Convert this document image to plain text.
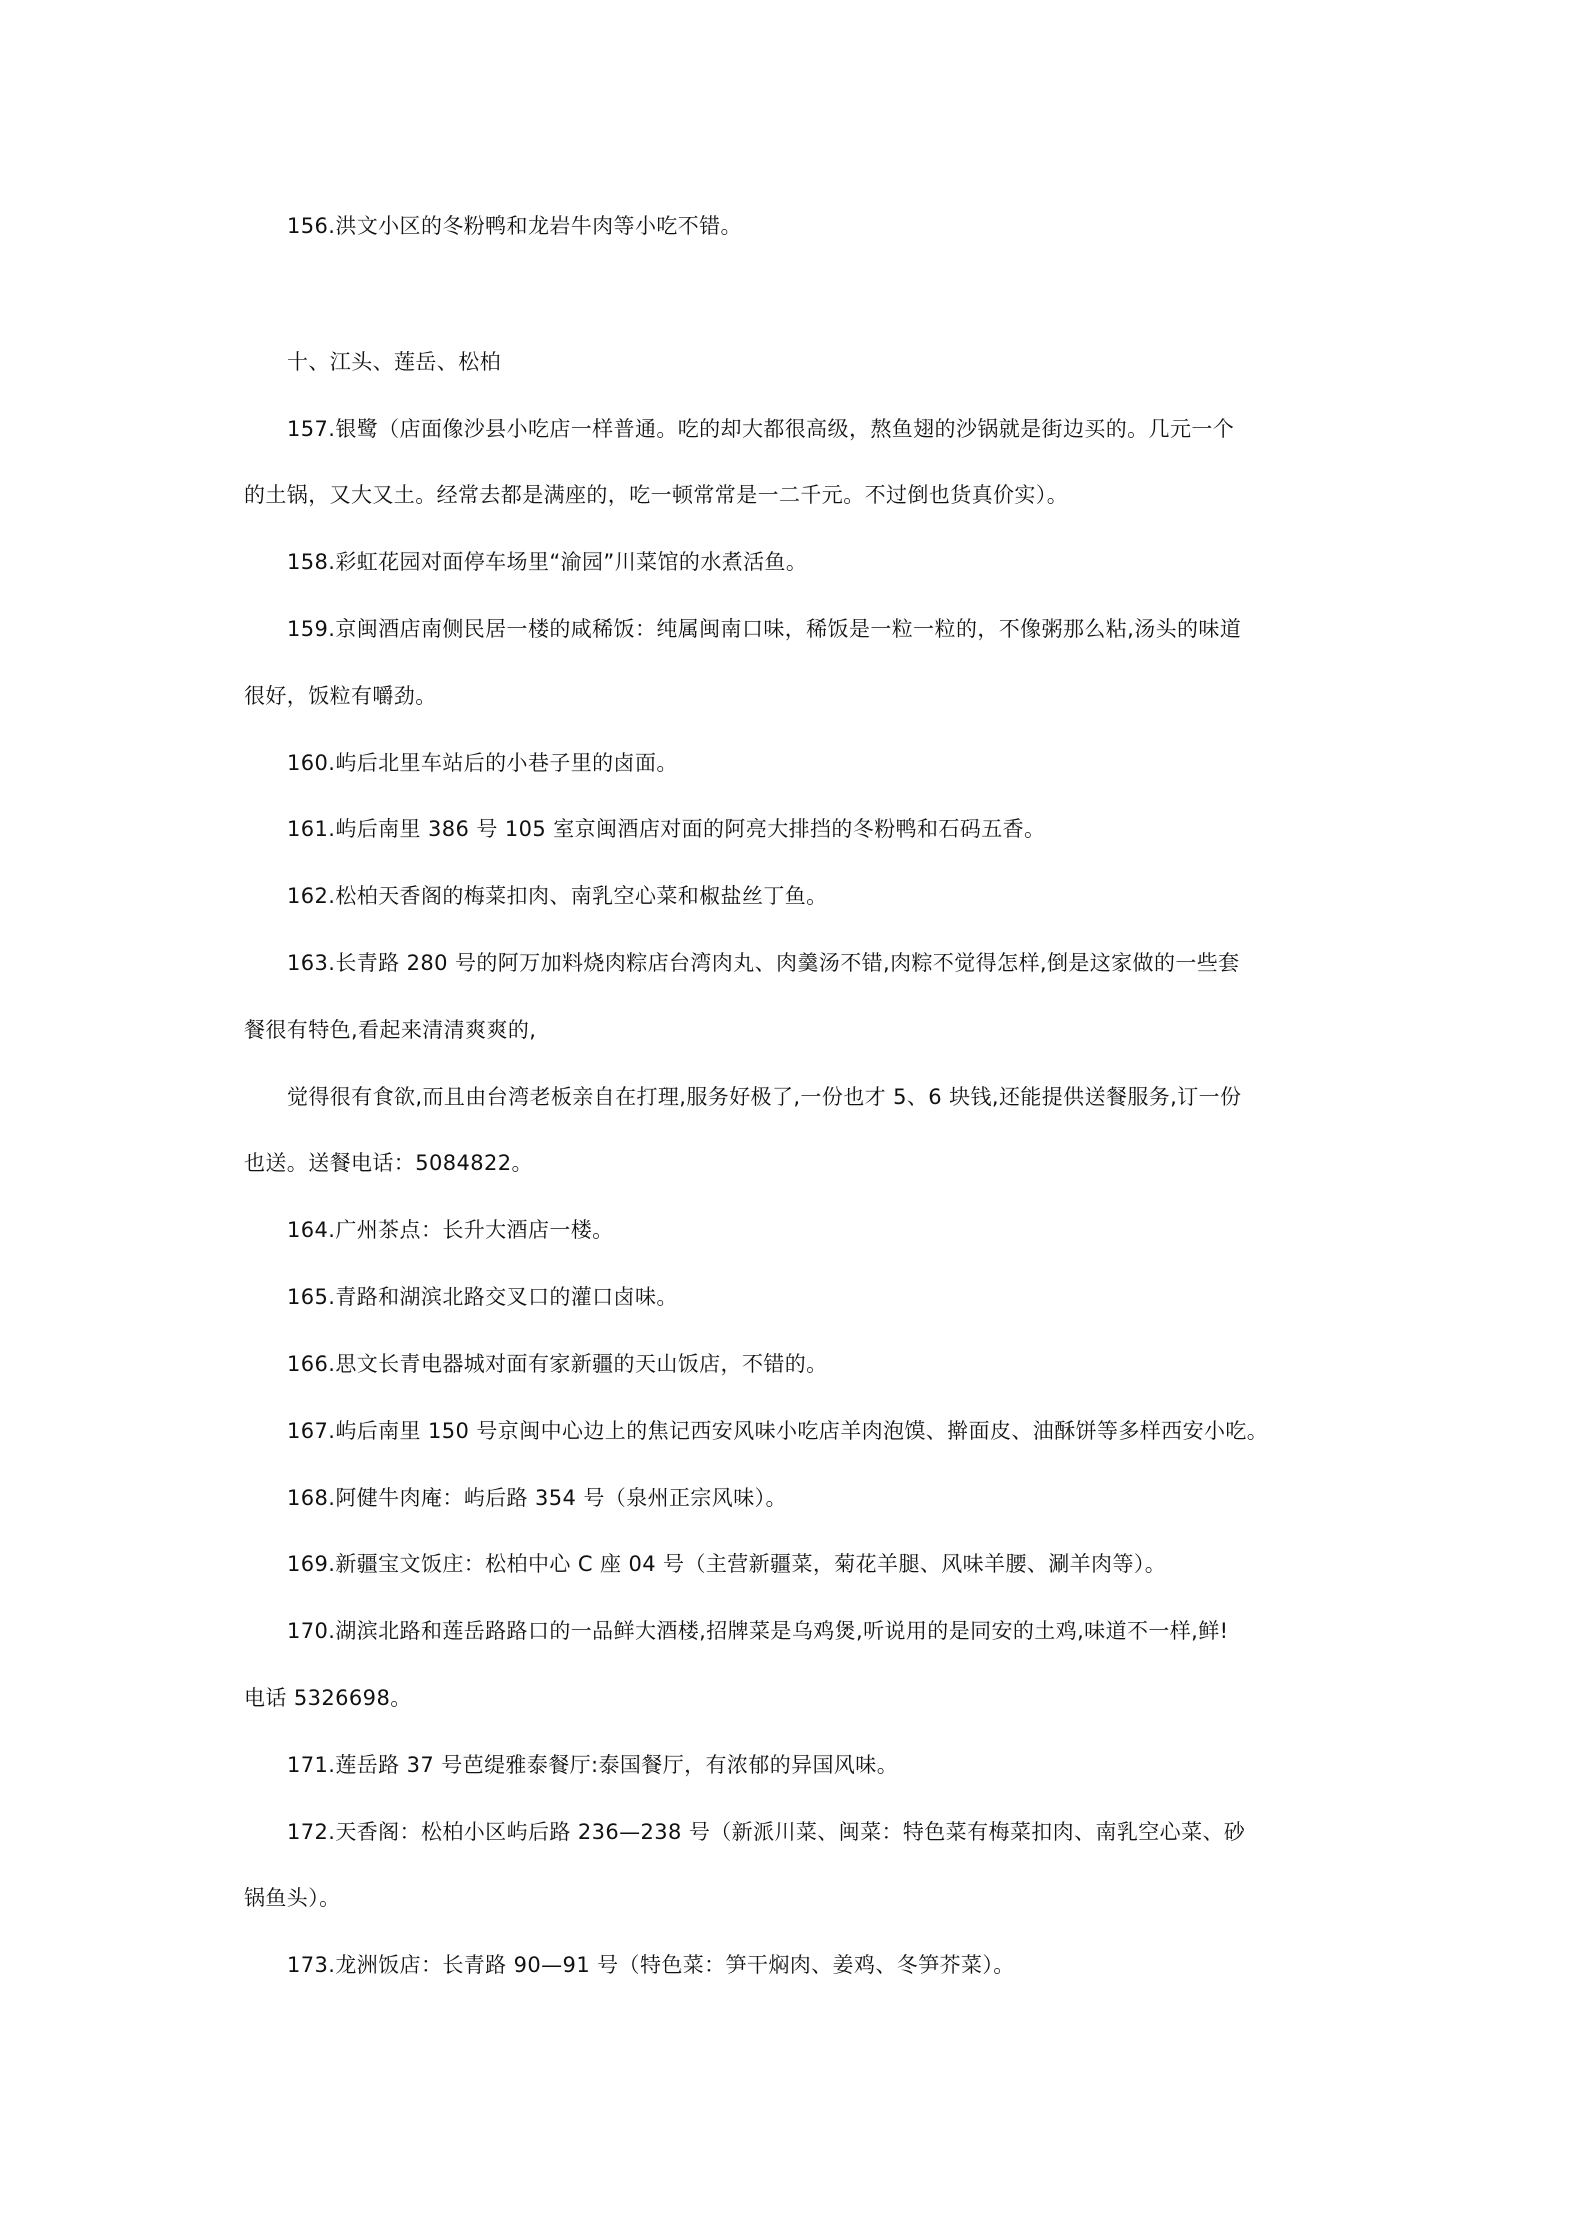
156.洪文小区的冬粉鸭和龙岩牛肉等小吃不错。
十、江头、莲岳、松柏
157.银鹭（店面像沙县小吃店一样普通。吃的却大都很高级，熬鱼翅的沙锅就是街边买的。几元一个
的土锅，又大又土。经常去都是满座的，吃一顿常常是一二千元。不过倒也货真价实）。
158.彩虹花园对面停车场里“渝园”川菜馆的水煮活鱼。
159.京闽酒店南侧民居一楼的咸稀饭：纯属闽南口味，稀饭是一粒一粒的，不像粥那么粘,汤头的味道
很好，饭粒有嚼劲。
160.屿后北里车站后的小巷子里的卤面。
161.屿后南里 386 号 105 室京闽酒店对面的阿亮大排挡的冬粉鸭和石码五香。
162.松柏天香阁的梅菜扣肉、南乳空心菜和椒盐丝丁鱼。
163.长青路 280 号的阿万加料烧肉粽店台湾肉丸、肉羹汤不错,肉粽不觉得怎样,倒是这家做的一些套
餐很有特色,看起来清清爽爽的,
觉得很有食欲,而且由台湾老板亲自在打理,服务好极了,一份也才 5、6 块钱,还能提供送餐服务,订一份
也送。送餐电话：5084822。
164.广州茶点：长升大酒店一楼。
165.青路和湖滨北路交叉口的灌口卤味。
166.思文长青电器城对面有家新疆的天山饭店，不错的。
167.屿后南里 150 号京闽中心边上的焦记西安风味小吃店羊肉泡馍、擀面皮、油酥饼等多样西安小吃。
168.阿健牛肉庵：屿后路 354 号（泉州正宗风味）。
169.新疆宝文饭庄：松柏中心 C 座 04 号（主营新疆菜，菊花羊腿、风味羊腰、涮羊肉等）。
170.湖滨北路和莲岳路路口的一品鲜大酒楼,招牌菜是乌鸡煲,听说用的是同安的土鸡,味道不一样,鲜!
电话 5326698。
171.莲岳路 37 号芭缇雅泰餐厅:泰国餐厅，有浓郁的异国风味。
172.天香阁：松柏小区屿后路 236—238 号（新派川菜、闽菜：特色菜有梅菜扣肉、南乳空心菜、砂
锅鱼头）。
173.龙洲饭店：长青路 90—91 号（特色菜：笋干焖肉、姜鸡、冬笋芥菜）。
